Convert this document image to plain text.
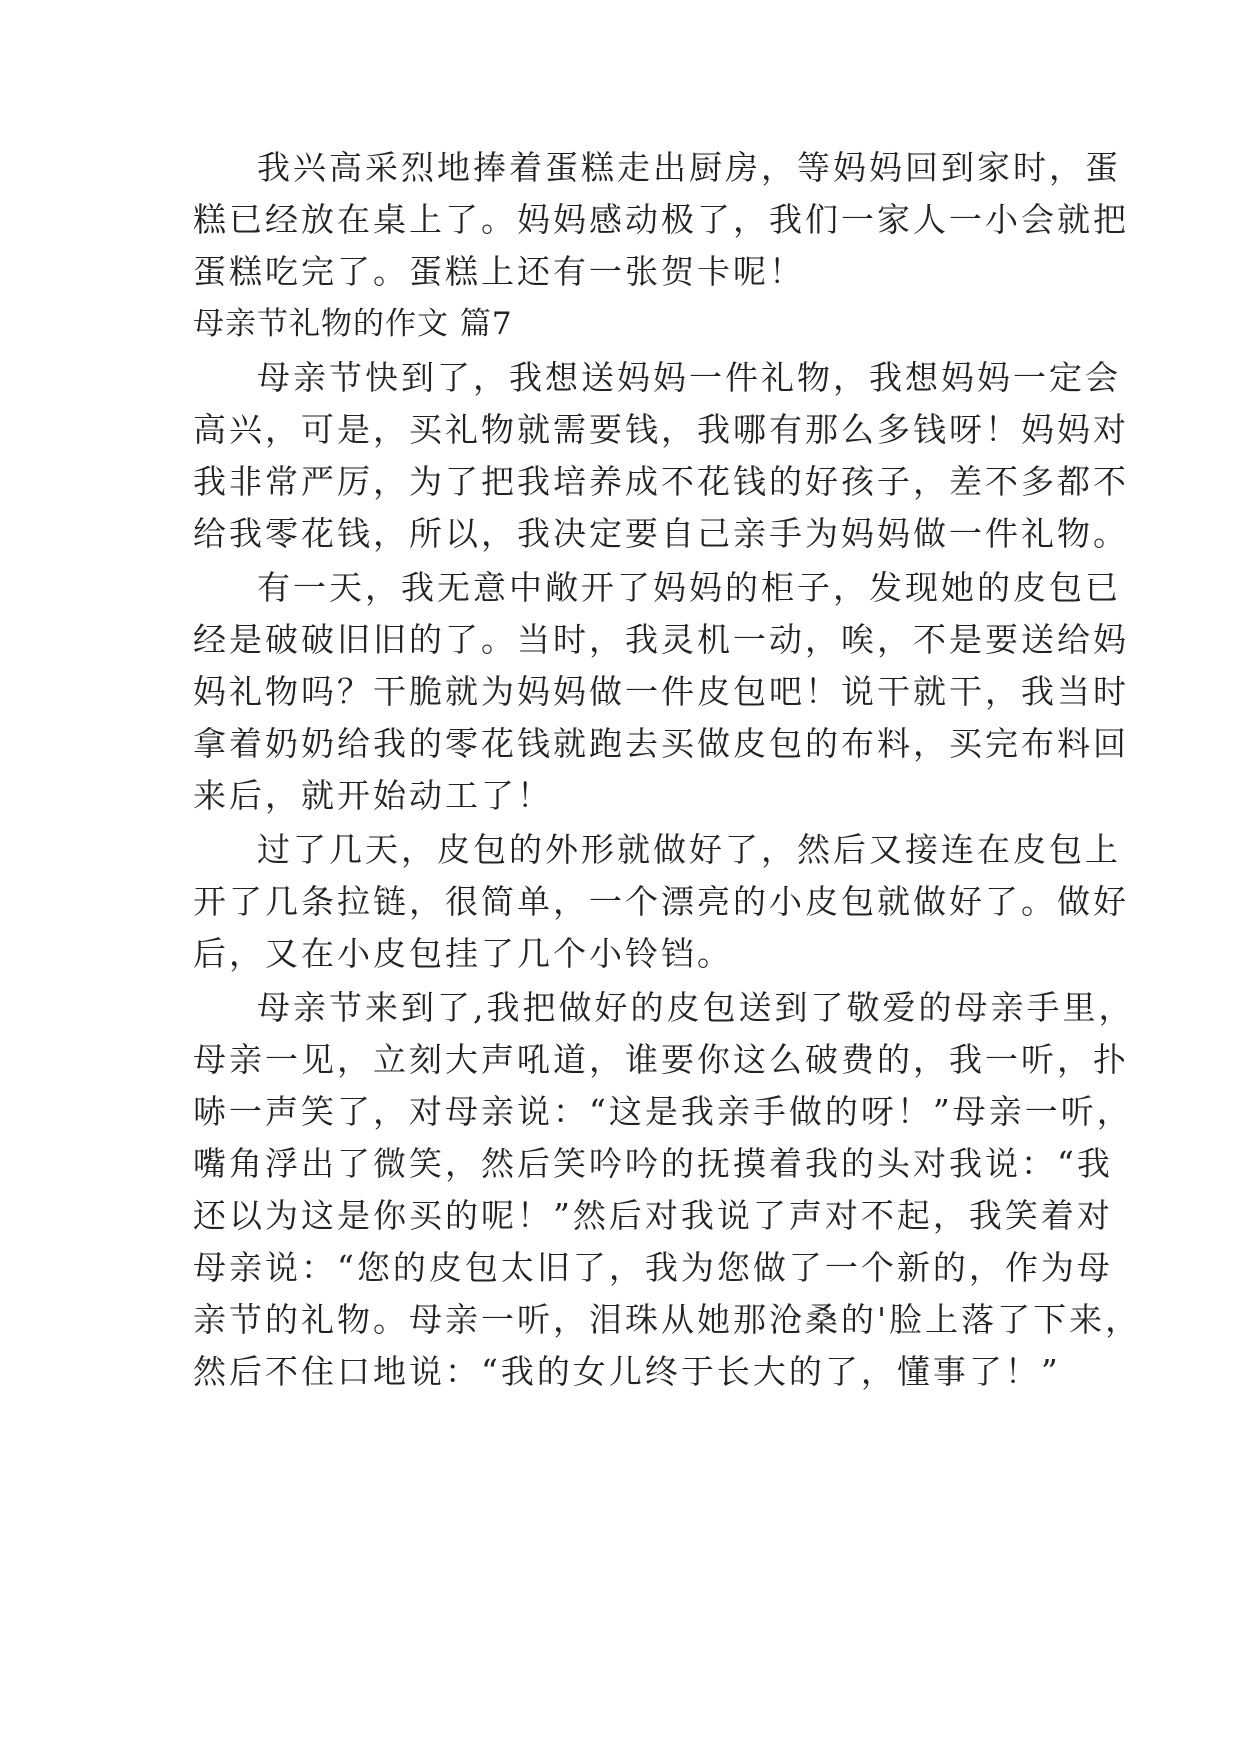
我兴高采烈地捧着蛋糕走出厨房，等妈妈回到家时，蛋
糕已经放在桌上了。妈妈感动极了，我们一家人一小会就把
蛋糕吃完了。蛋糕上还有一张贺卡呢！
母亲节礼物的作文 篇7
母亲节快到了，我想送妈妈一件礼物，我想妈妈一定会
高兴，可是，买礼物就需要钱，我哪有那么多钱呀！妈妈对
我非常严厉，为了把我培养成不花钱的好孩子，差不多都不
给我零花钱，所以，我决定要自己亲手为妈妈做一件礼物。
有一天，我无意中敞开了妈妈的柜子，发现她的皮包已
经是破破旧旧的了。当时，我灵机一动，唉，不是要送给妈
妈礼物吗？干脆就为妈妈做一件皮包吧！说干就干，我当时
拿着奶奶给我的零花钱就跑去买做皮包的布料，买完布料回
来后，就开始动工了！
过了几天，皮包的外形就做好了，然后又接连在皮包上
开了几条拉链，很简单，一个漂亮的小皮包就做好了。做好
后，又在小皮包挂了几个小铃铛。
母亲节来到了,我把做好的皮包送到了敬爱的母亲手里，
母亲一见，立刻大声吼道，谁要你这么破费的，我一听，扑
哧一声笑了，对母亲说：“这是我亲手做的呀！”母亲一听，
嘴角浮出了微笑，然后笑吟吟的抚摸着我的头对我说：“我
还以为这是你买的呢！”然后对我说了声对不起，我笑着对
母亲说：“您的皮包太旧了，我为您做了一个新的，作为母
亲节的礼物。母亲一听，泪珠从她那沧桑的'脸上落了下来，
然后不住口地说：“我的女儿终于长大的了，懂事了！”
